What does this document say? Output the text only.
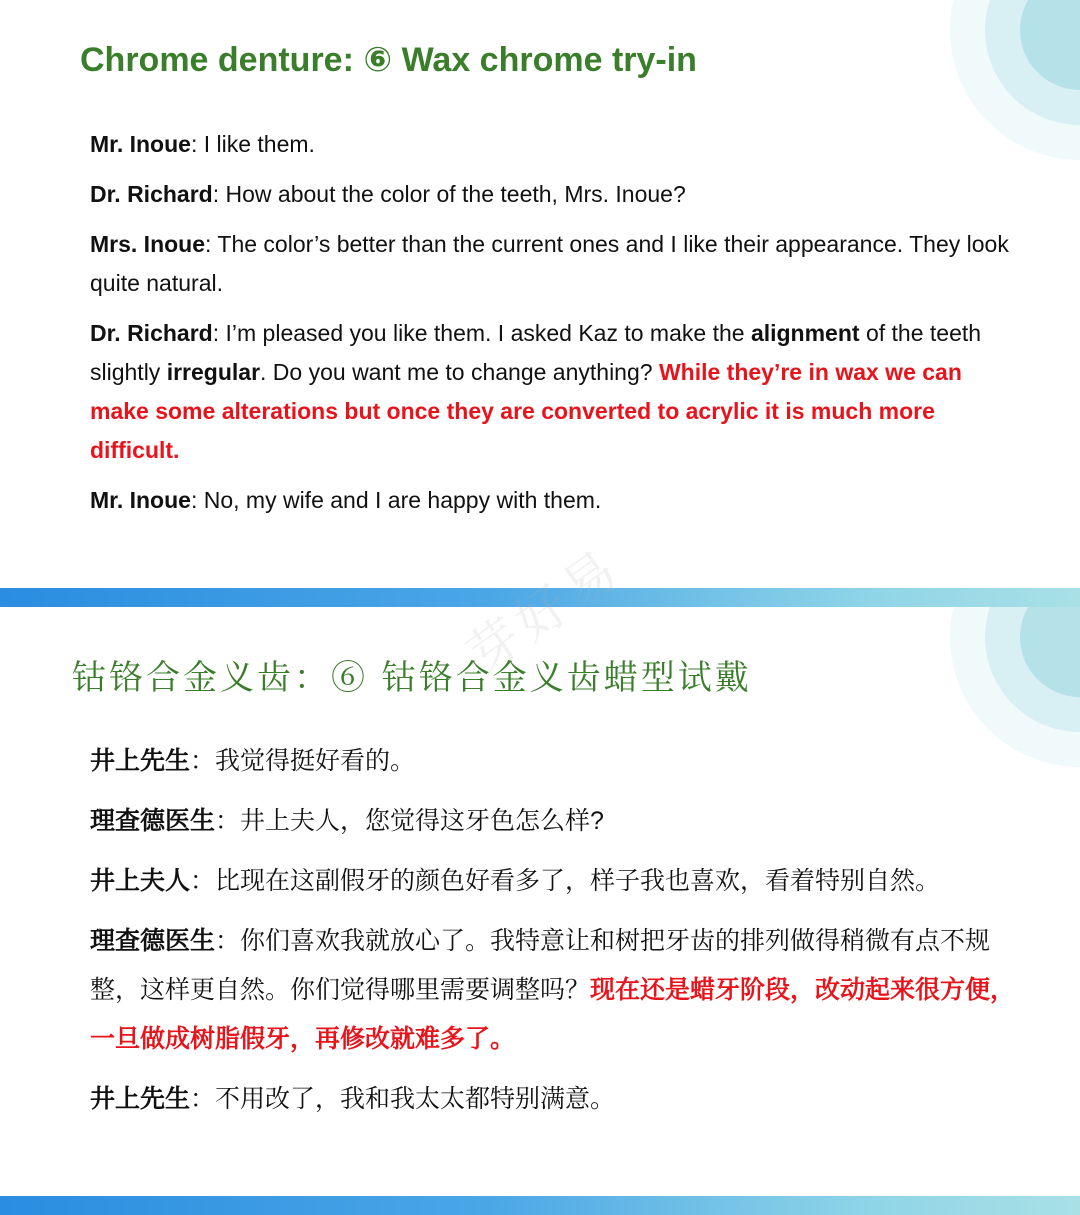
Chrome denture: ⑥ Wax chrome try-in

Mr. Inoue: I like them.

Dr. Richard: How about the color of the teeth, Mrs. Inoue?

Mrs. Inoue: The color’s better than the current ones and I like their appearance. They look quite natural.

Dr. Richard: I’m pleased you like them. I asked Kaz to make the alignment of the teeth slightly irregular. Do you want me to change anything? While they’re in wax we can make some alterations but once they are converted to acrylic it is much more difficult.

Mr. Inoue: No, my wife and I are happy with them.

芽好易
钴铬合金义齿：⑥ 钴铬合金义齿蜡型试戴

井上先生：我觉得挺好看的。

理查德医生：井上夫人，您觉得这牙色怎么样?

井上夫人：比现在这副假牙的颜色好看多了，样子我也喜欢，看着特别自然。

理查德医生：你们喜欢我就放心了。我特意让和树把牙齿的排列做得稍微有点不规整，这样更自然。你们觉得哪里需要调整吗？现在还是蜡牙阶段，改动起来很方便，一旦做成树脂假牙，再修改就难多了。

井上先生：不用改了，我和我太太都特别满意。
